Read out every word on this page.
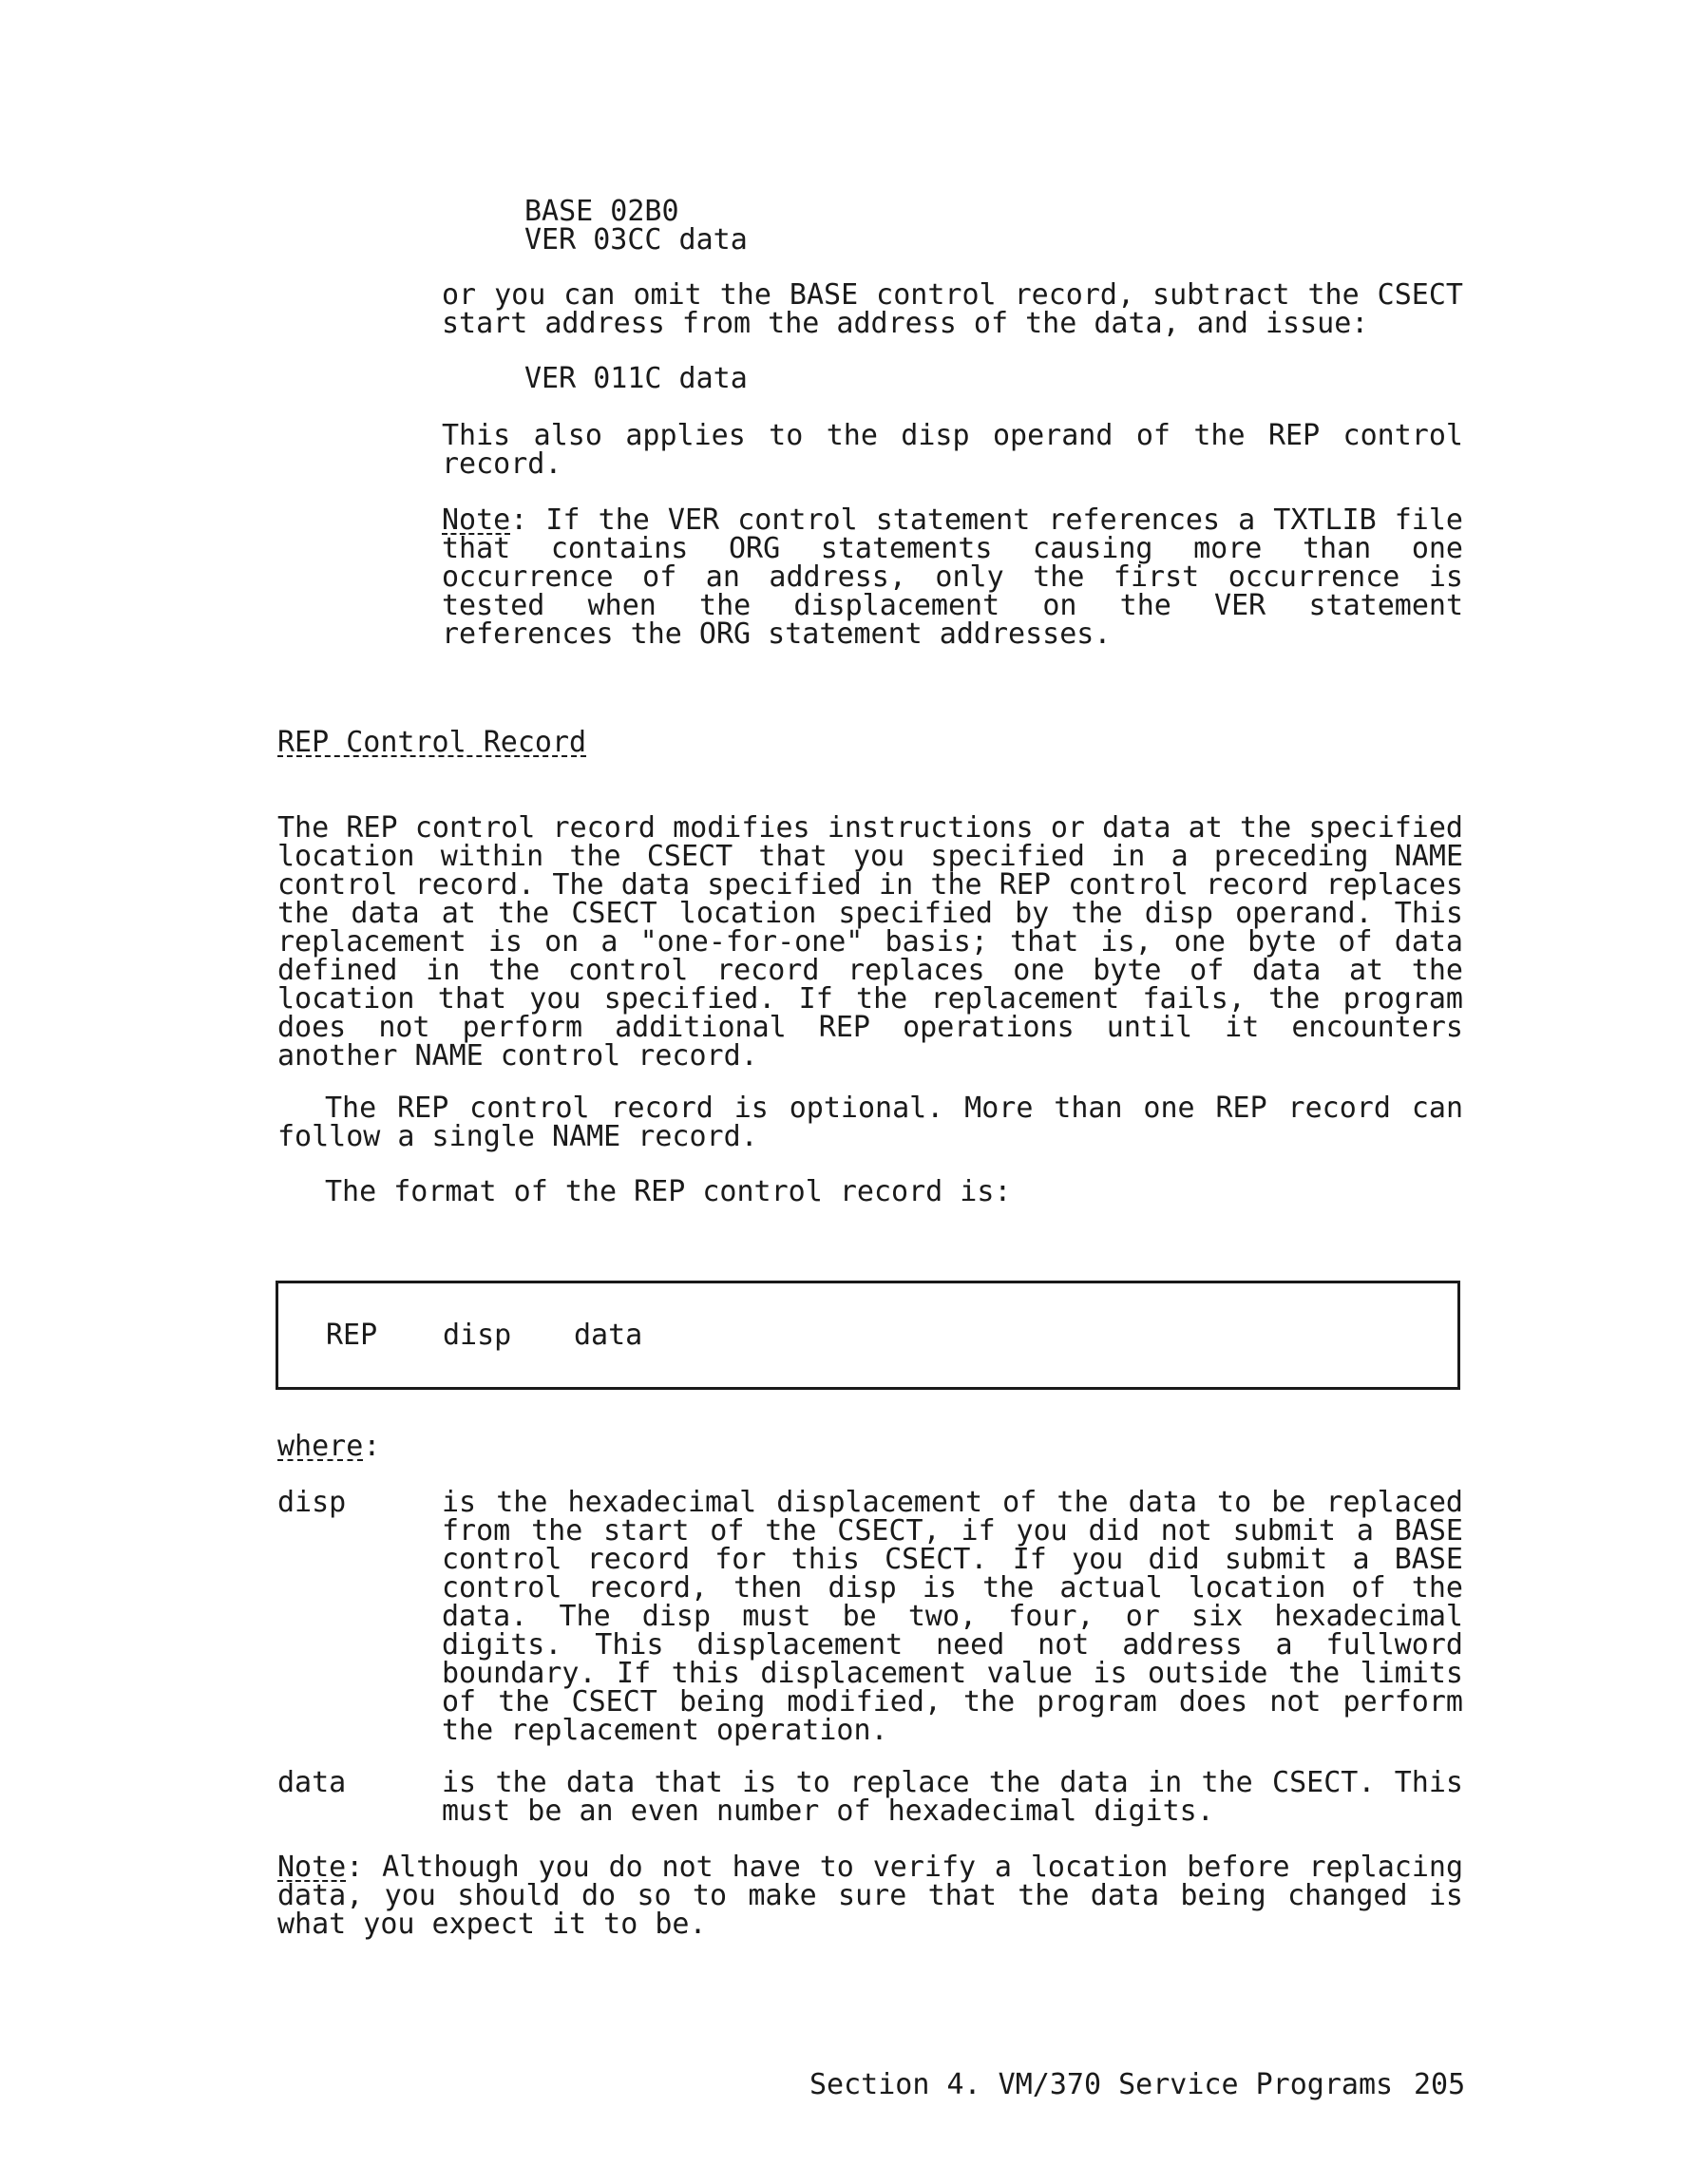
BASE 02B0
VER 03CC data
or you can omit the BASE control record, subtract the CSECT start address from the address of the data, and issue:
VER 011C data
This also applies to the disp operand of the REP control record.
Note: If the VER control statement references a TXTLIB file that contains ORG statements causing more than one occurrence of an address, only the first occurrence is tested when the displacement on the VER statement references the ORG statement addresses.
REP Control Record
The REP control record modifies instructions or data at the specified location within the CSECT that you specified in a preceding NAME control record. The data specified in the REP control record replaces the data at the CSECT location specified by the disp operand. This replacement is on a "one-for-one" basis; that is, one byte of data defined in the control record replaces one byte of data at the location that you specified. If the replacement fails, the program does not perform additional REP operations until it encounters another NAME control record.
The REP control record is optional. More than one REP record can follow a single NAME record.
The format of the REP control record is:
REP disp data
where:
disp	is the hexadecimal displacement of the data to be replaced from the start of the CSECT, if you did not submit a BASE control record for this CSECT. If you did submit a BASE control record, then disp is the actual location of the data. The disp must be two, four, or six hexadecimal digits. This displacement need not address a fullword boundary. If this displacement value is outside the limits of the CSECT being modified, the program does not perform the replacement operation.
data	is the data that is to replace the data in the CSECT. This must be an even number of hexadecimal digits.
Note: Although you do not have to verify a location before replacing data, you should do so to make sure that the data being changed is what you expect it to be.
Section 4. VM/370 Service Programs 205
